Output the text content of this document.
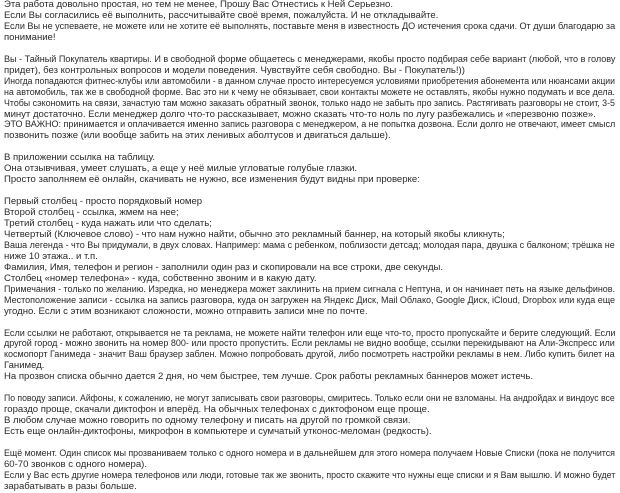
Эта работа довольно простая, но тем не менее, Прошу Вас Отнестись к Ней Серьезно.
Если Вы согласились её выполнить, рассчитывайте своё время, пожалуйста. И не откладывайте.
Если Вы не успеваете, не можете или не хотите её выполнять, поставьте меня в известность ДО истечения срока сдачи. От души благодарю за
понимание!
Вы - Тайный Покупатель квартиры. И в свободной форме общаетесь с менеджерами, якобы просто подбирая себе вариант (любой, что в голову
придет), без контрольных вопросов и модели поведения. Чувствуйте себя свободно. Вы - Покупатель!))
Иногда попадаются фитнес-клубы или автомобили - в данном случае просто интересуемся условиями приобретения абонемента или нюансами акции
на автомобиль, так же в свободной форме. Вас это ни к чему не обязывает, свои контакты можете не оставлять, якобы нужно подумать и все дела.
Чтобы сэкономить на связи, зачастую там можно заказать обратный звонок, только надо не забыть про запись. Растягивать разговоры не стоит, 3-5
минут достаточно. Если менеджер долго что-то рассказывает, можно сказать что-то ноль по лугу разбежались и «перезвоню позже».
ЭТО ВАЖНО: принимается и оплачивается именно запись разговора с менеджером, а не попытка дозвона. Если долго не отвечают, имеет смысл
позвонить позже (или вообще забить на этих ленивых аболтусов и двигаться дальше).
В приложении ссылка на таблицу.
Она отзывчивая, умеет слушать, а еще у неё милые угловатые голубые глазки.
Просто заполняем её онлайн, скачивать не нужно, все изменения будут видны при проверке:
Первый столбец - просто порядковый номер
Второй столбец - ссылка, жмем на нее;
Третий столбец - куда нажать или что сделать;
Четвертый (Ключевое слово) - что нам нужно найти, обычно это рекламный баннер, на который якобы кликнуть;
Ваша легенда - что Вы придумали, в двух словах. Например: мама с ребенком, поблизости детсад; молодая пара, двушка с балконом; трёшка не
ниже 10 этажа.. и т.п.
Фамилия, Имя, телефон и регион - заполнили один раз и скопировали на все строки, две секунды.
Столбец «номер телефона» - куда, собственно звоним и в какую дату.
Примечания - только по желанию. Изредка, но менеджера может заклинить на прием сигнала с Нептуна, и он начинает петь на языке дельфинов.
Местоположение записи - ссылка на запись разговора, куда он загружен на Яндекс Диск, Mail Облако, Google Диск, iCloud, Dropbox или куда еще
угодно. Если с этим возникают сложности, можно отправить записи мне по почте.
Если ссылки не работают, открывается не та реклама, не можете найти телефон или еще что-то, просто пропускайте и берите следующий. Если
другой город - можно звонить на номер 800- или просто пропустить. Если рекламы не видно вообще, ссылки перекидывают на Али-Экспресс или
космопорт Ганимеда - значит Ваш браузер заблен. Можно попробовать другой, либо посмотреть настройки рекламы в нем. Либо купить билет на
Ганимед.
На прозвон списка обычно дается 2 дня, но чем быстрее, тем лучше. Срок работы рекламных баннеров может истечь.
По поводу записи. Айфоны, к сожалению, не могут записывать свои разговоры, смиритесь. Только если они не взломаны. На андройдах и виндоус все
гораздо проще, скачали диктофон и вперёд. На обычных телефонах с диктофоном еще проще.
В любом случае можно говорить по одному телефону и писать на другой по громкой связи.
Есть еще онлайн-диктофоны, микрофон в компьютере и сумчатый утконос-меломан (редкость).
Ещё момент. Один список мы прозваниваем только с одного номера и в дальнейшем для этого номера получаем Новые Списки (пока не получится
60-70 звонков с одного номера).
Если у Вас есть другие номера телефонов или люди, готовые так же звонить, просто скажите что нужны еще списки и я Вам вышлю. И можно будет
зарабатывать в разы больше.
